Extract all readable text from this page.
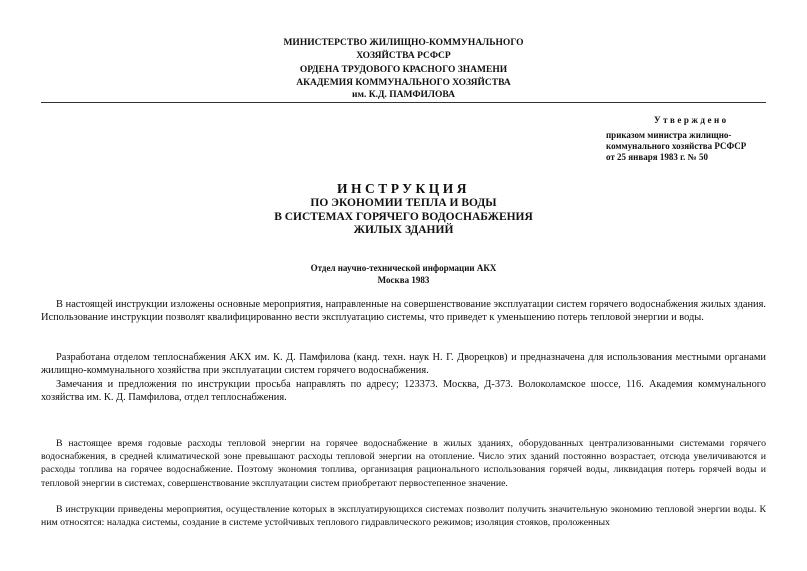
МИНИСТЕРСТВО ЖИЛИЩНО-КОММУНАЛЬНОГО
ХОЗЯЙСТВА РСФСР
ОРДЕНА ТРУДОВОГО КРАСНОГО ЗНАМЕНИ
АКАДЕМИЯ КОММУНАЛЬНОГО ХОЗЯЙСТВА
им. К.Д. ПАМФИЛОВА
Утверждено
приказом министра жилищно-
коммунального хозяйства РСФСР
от 25 января 1983 г. № 50
ИНСТРУКЦИЯ
ПО ЭКОНОМИИ ТЕПЛА И ВОДЫ
В СИСТЕМАХ ГОРЯЧЕГО ВОДОСНАБЖЕНИЯ
ЖИЛЫХ ЗДАНИЙ
Отдел научно-технической информации АКХ
Москва 1983

В настоящей инструкции изложены основные мероприятия, направленные на совершенствование эксплуатации систем горячего водоснабжения жилых здания. Использование инструкции позволят квалифицированно вести эксплуатацию системы, что приведет к уменьшению потерь тепловой энергии и воды.

Разработана отделом теплоснабжения АКХ им. К. Д. Памфилова (канд. техн. наук Н. Г. Дворецков) и предназначена для использования местными органами жилищно-коммунального хозяйства при эксплуатации систем горячего водоснабжения.

Замечания и предложения по инструкции просьба направлять по адресу; 123373. Москва, Д-373. Волоколамское шоссе, 116. Академия коммунального хозяйства им. К. Д. Памфилова, отдел теплоснабжения.

В настоящее время годовые расходы тепловой энергии на горячее водоснабжение в жилых зданиях, оборудованных централизованными системами горячего водоснабжения, в средней климатической зоне превышают расходы тепловой энергии на отопление. Число этих зданий постоянно возрастает, отсюда увеличиваются и расходы топлива на горячее водоснабжение. Поэтому экономия топлива, организация рационального использования горячей воды, ликвидация потерь горячей воды и тепловой энергии в системах, совершенствование эксплуатации систем приобретают первостепенное значение.

В инструкции приведены мероприятия, осуществление которых в эксплуатирующихся системах позволит получить значительную экономию тепловой энергии воды. К ним относятся: наладка системы, создание в системе устойчивых теплового гидравлического режимов; изоляция стояков, проложенных
